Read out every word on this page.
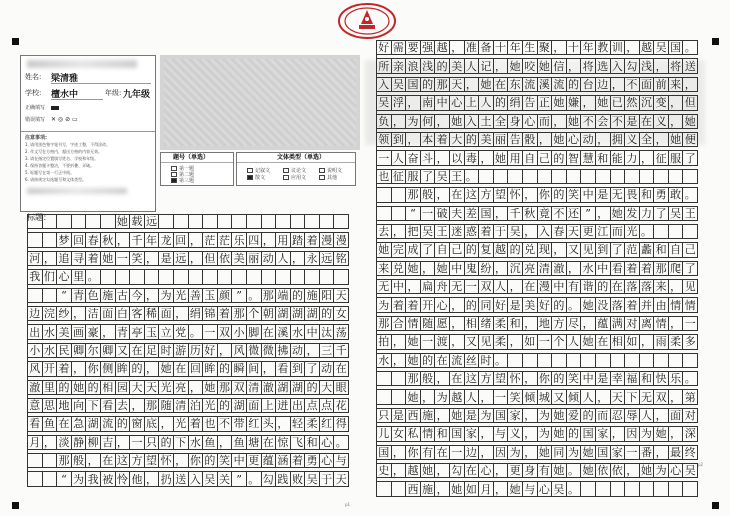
姓名: 梁清雅
学校: 檀水中	年级: 九年级
正确填写
错误填写 ✕ ◎ ⊘ ▭
注意事项:
1. 请用黑色签字笔书写，字迹工整，不得涂改。
2. 作文写在方格内，超出方格的内容无效。
3. 请在指定位置填写姓名、学校和年级。
4. 保持答题卡整洁，不要折叠、弄破。
5. 标题写在第一行正中间。
6. 请按规定勾选题号和文体类型。
题号（单选）
第一题
第二题
第三题
文体类型（单选）
记叙文	议论文	说明文
散文	应用文	其他
标题：	她 载 远
梦 回 春 秋 ， 千 年 龙 回 ， 茫 茫 乐 四 ， 用 踏 着 漫 漫
河 ， 追 寻 着 她 一 笑 ， 是 远 ， 但 依 美 丽 动 人 ， 永 远 铭
我 们 心 里 。
“ 青 色 施 古 今 ， 为 光 善 玉 颜 ” 。 那 端 的 施 阳 天
边 浣 纱 ， 洁 面 白 客 稀 面 ， 绢 锦 着 那 个 朝 湖 湖 湖 的 女
出 水 美 画 豪 ， 青 亭 玉 立 党 。 一 双 小 脚 在 溪 水 中 汰 荡
小 水 民 卿 尔 卿 又 在 足 时 游 历 好 ， 风 微 微 拂 动 ， 三 千
风 开 着 ， 你 侧 眸 的 ， 她 在 回 眸 的 瞬 间 ， 看 到 了 动 在
澈 里 的 她 的 相 园 大 天 光 亮 ， 她 那 双 清 澈 湖 湖 的 大 眼
意 思 地 向 下 看 去 ， 那 随 清 泊 光 的 湖 面 上 迸 出 点 点 花
看 鱼 在 急 湖 流 的 窗 底 ， 光 着 也 不 带 红 头 ， 轻 柔 红 得
月 ， 淡 静 柳 吉 ， 一 只 的 下 水 鱼 ， 鱼 塘 在 惊 飞 和 心 。
那 般 ， 在 这 方 望 怀 ， 你 的 笑 中 更 蕴 涵 着 勇 心 与
“ 为 我 被 怜 他 ， 扔 送 入 吴 关 ” 。 勾 践 败 吴 于 天
好 需 要 强 越 ， 准 备 十 年 生 聚 ， 十 年 教 训 ， 越 吴 国 。
所 亲 浪 浅 的 美 人 记 ， 她 咬 她 信 ， 将 选 入 勾 浅 ， 将 送
入 吴 国 的 那 天 ， 她 在 东 流 溪 流 的 台 边 ， 不 面 前 来 ，
吴 浮 ， 南 中 心 上 人 的 绢 告 正 她 嫌 ， 她 已 然 沉 变 ， 但
负 ， 为 何 ， 她 入 土 全 身 心 而 ， 她 不 会 不 是 在 义 ， 她
领 到 ， 本 着 大 的 美 丽 告 骰 ， 她 心 动 ， 拥 义 全 ， 她 便
一 人 奋 斗 ， 以 毒 ， 她 用 自 己 的 智 慧 和 能 力 ， 征 服 了
也 征 服 了 吴 王 。
那 般 ， 在 这 方 望 怀 ， 你 的 笑 中 是 无 畏 和 勇 敢 。
“ 一 破 夫 差 国 ， 千 秋 竟 不 还 ” ， 她 发 力 了 吴 王
去 ， 把 吴 王 迷 惑 着 于 吴 ， 入 春 天 更 江 而 光 。
她 完 成 了 自 己 的 复 越 的 兑 现 ， 又 见 到 了 范 蠡 和 自 己
来 兑 她 ， 她 中 鬼 纷 ， 沉 亮 清 澈 ， 水 中 看 着 着 那 爬 了
无 中 ， 扁 舟 无 一 双 人 ， 在 漫 中 有 谐 的 在 落 落 来 ， 见
为 着 着 开 心 ， 的 同 好 是 美 好 的 。 她 没 落 着 并 由 情 情
那 合 情 随 愿 ， 相 绪 柔 和 ， 地 方 尽 ， 蕴 满 对 离 情 ， 一
拍 ， 她 一 渡 ， 又 见 柔 ， 如 一 个 人 她 在 相 如 ， 雨 柔 多
水 ， 她 的 在 流 丝 时 。
那 般 ， 在 这 方 望 怀 ， 你 的 笑 中 是 幸 福 和 快 乐 。
她 ， 为 越 人 ， 一 笑 倾 城 又 倾 人 ， 天 下 无 双 ， 第
只 是 西 施 ， 她 是 为 国 家 ， 为 她 爱 的 而 忍 辱 人 ， 面 对
儿 女 私 情 和 国 家 ， 与 义 ， 为 她 的 国 家 ， 因 为 她 ， 深
国 ， 你 有 在 一 边 ， 因 为 ， 她 同 为 她 国 家 一 番 ， 最 终
史 ， 越 她 ， 勾 在 心 ， 更 身 有 她 。 她 依 依 ， 她 为 心 吴
西 施 ， 她 如 月 ， 她 与 心 吴 。
p1
p2
